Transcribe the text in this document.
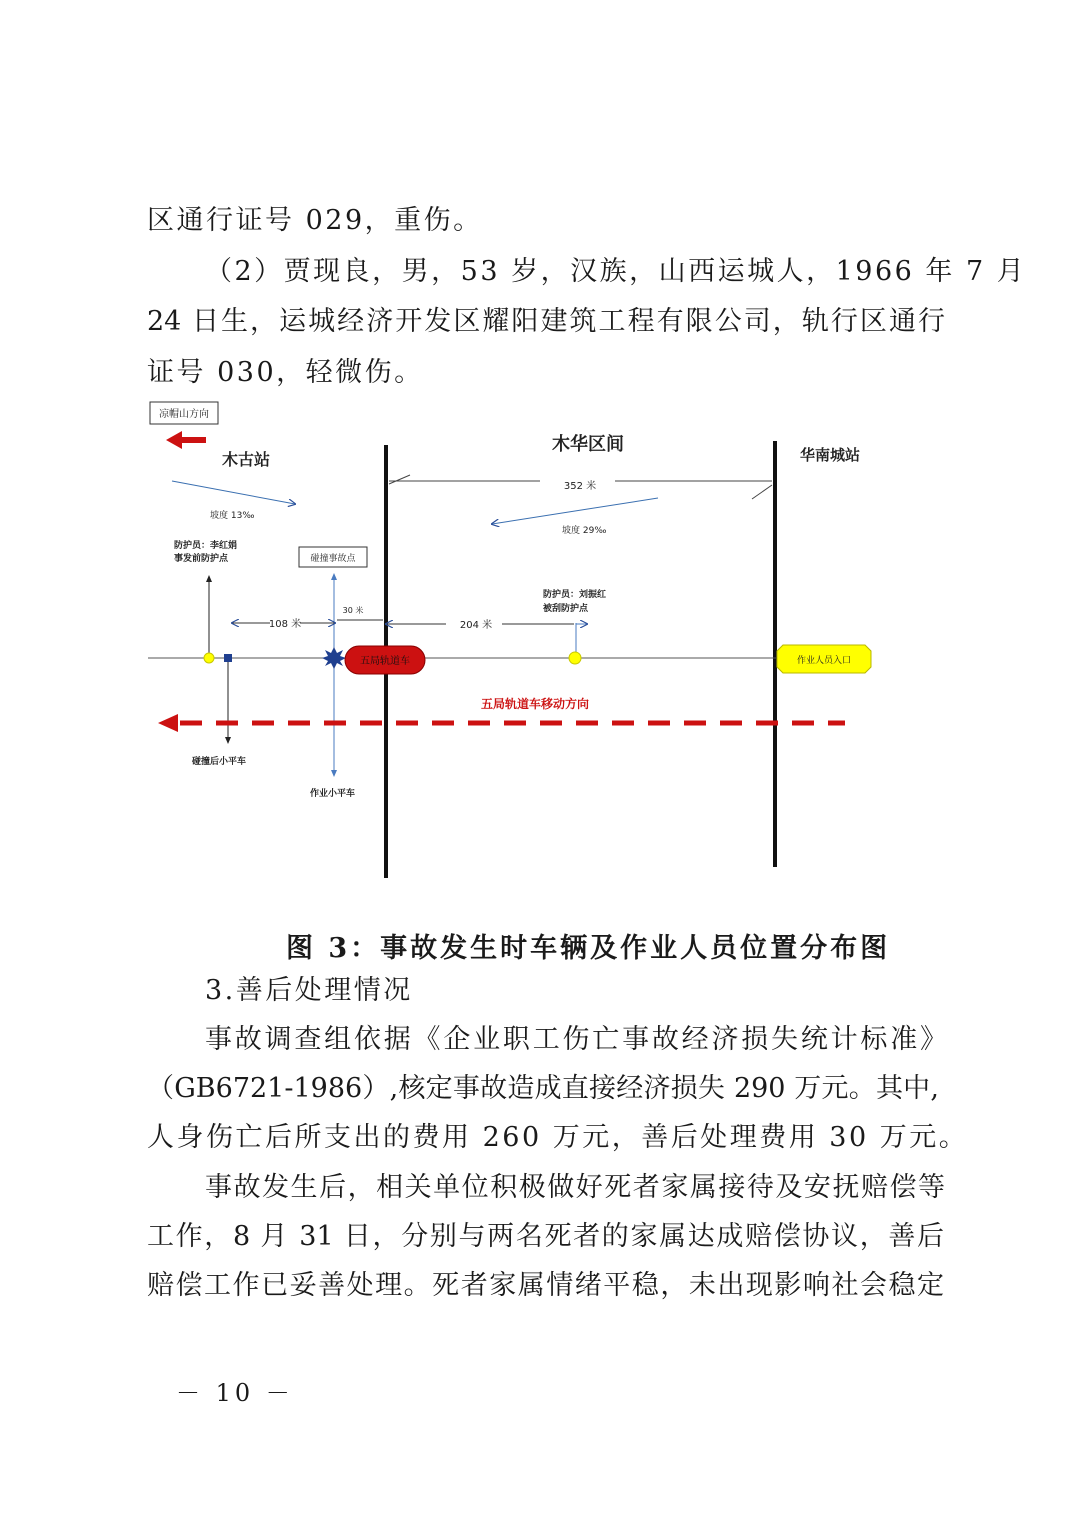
区通行证号 029，重伤。
（2）贾现良，男，53 岁，汉族，山西运城人，1966 年 7 月
24 日生，运城经济开发区耀阳建筑工程有限公司，轨行区通行
证号 030，轻微伤。
凉帽山方向
木古站
木华区间	华南城站
352 米
坡度 13‰
坡度 29‰
防护员：李红娟
事发前防护点	碰撞事故点
30 米
防护员：刘振红
被刮防护点
108 米	204 米
五局轨道车	作业人员入口
五局轨道车移动方向
碰撞后小平车
作业小平车
图 3：事故发生时车辆及作业人员位置分布图
3.善后处理情况
事故调查组依据《企业职工伤亡事故经济损失统计标准》
（GB6721-1986）,核定事故造成直接经济损失 290 万元。其中,
人身伤亡后所支出的费用 260 万元，善后处理费用 30 万元。
事故发生后，相关单位积极做好死者家属接待及安抚赔偿等
工作，8 月 31 日，分别与两名死者的家属达成赔偿协议，善后
赔偿工作已妥善处理。死者家属情绪平稳，未出现影响社会稳定
－ 10 －
